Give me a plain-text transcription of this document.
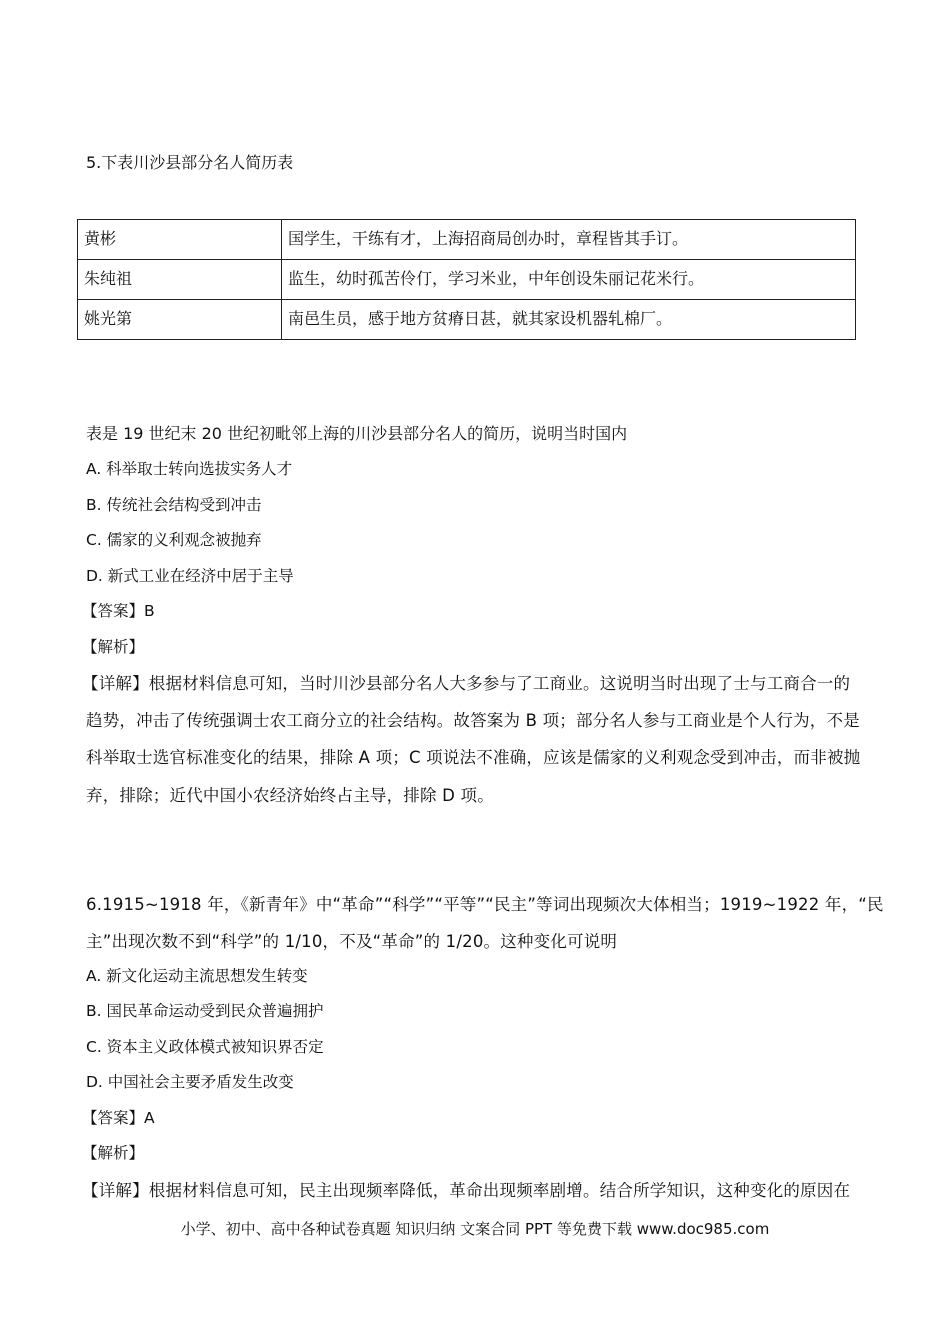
5.下表川沙县部分名人简历表
黄彬	国学生，干练有才，上海招商局创办时，章程皆其手订。
朱纯祖	监生，幼时孤苦伶仃，学习米业，中年创设朱丽记花米行。
姚光第	南邑生员，感于地方贫瘠日甚，就其家设机器轧棉厂。
表是 19 世纪末 20 世纪初毗邻上海的川沙县部分名人的简历，说明当时国内
A. 科举取士转向选拔实务人才
B. 传统社会结构受到冲击
C. 儒家的义利观念被抛弃
D. 新式工业在经济中居于主导
【答案】B
【解析】
【详解】根据材料信息可知，当时川沙县部分名人大多参与了工商业。这说明当时出现了士与工商合一的
趋势，冲击了传统强调士农工商分立的社会结构。故答案为 B 项；部分名人参与工商业是个人行为，不是
科举取士选官标准变化的结果，排除 A 项；C 项说法不准确，应该是儒家的义利观念受到冲击，而非被抛
弃，排除；近代中国小农经济始终占主导，排除 D 项。
6.1915~1918 年，《新青年》中“革命”“科学”“平等”“民主”等词出现频次大体相当；1919~1922 年，“民
主”出现次数不到“科学”的 1/10，不及“革命”的 1/20。这种变化可说明
A. 新文化运动主流思想发生转变
B. 国民革命运动受到民众普遍拥护
C. 资本主义政体模式被知识界否定
D. 中国社会主要矛盾发生改变
【答案】A
【解析】
【详解】根据材料信息可知，民主出现频率降低，革命出现频率剧增。结合所学知识，这种变化的原因在
小学、初中、高中各种试卷真题 知识归纳 文案合同 PPT 等免费下载 www.doc985.com
